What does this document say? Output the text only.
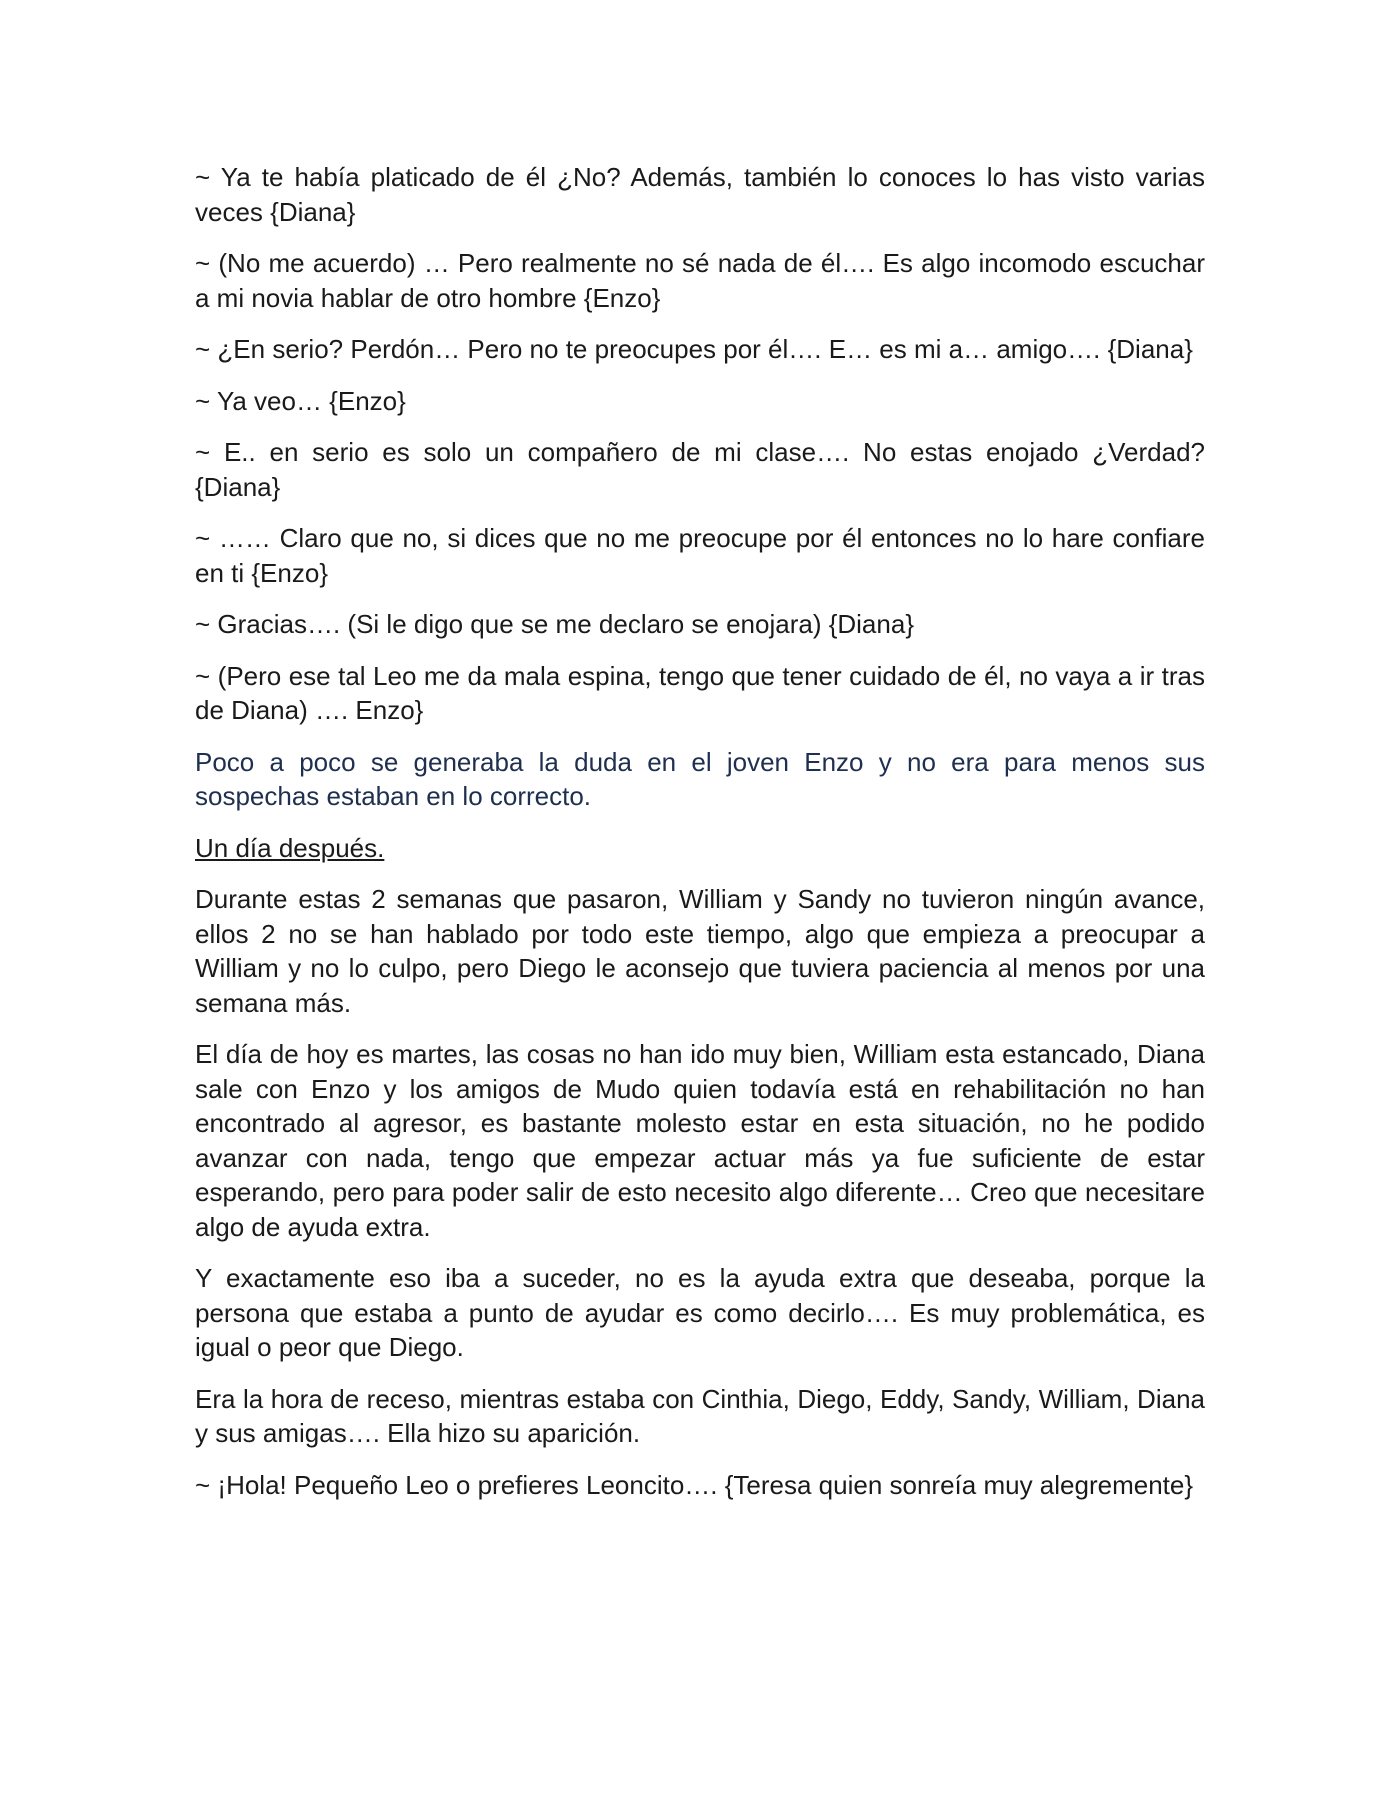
~ Ya te había platicado de él ¿No? Además, también lo conoces lo has visto varias veces {Diana}

~ (No me acuerdo) … Pero realmente no sé nada de él…. Es algo incomodo escuchar a mi novia hablar de otro hombre {Enzo}

~ ¿En serio? Perdón… Pero no te preocupes por él…. E… es mi a… amigo…. {Diana}

~ Ya veo… {Enzo}

~ E.. en serio es solo un compañero de mi clase…. No estas enojado ¿Verdad? {Diana}

~ …… Claro que no, si dices que no me preocupe por él entonces no lo hare confiare en ti {Enzo}

~ Gracias…. (Si le digo que se me declaro se enojara) {Diana}

~ (Pero ese tal Leo me da mala espina, tengo que tener cuidado de él, no vaya a ir tras de Diana) …. Enzo}

Poco a poco se generaba la duda en el joven Enzo y no era para menos sus sospechas estaban en lo correcto.

Un día después.

Durante estas 2 semanas que pasaron, William y Sandy no tuvieron ningún avance, ellos 2 no se han hablado por todo este tiempo, algo que empieza a preocupar a William y no lo culpo, pero Diego le aconsejo que tuviera paciencia al menos por una semana más.

El día de hoy es martes, las cosas no han ido muy bien, William esta estancado, Diana sale con Enzo y los amigos de Mudo quien todavía está en rehabilitación no han encontrado al agresor, es bastante molesto estar en esta situación, no he podido avanzar con nada, tengo que empezar actuar más ya fue suficiente de estar esperando, pero para poder salir de esto necesito algo diferente… Creo que necesitare algo de ayuda extra.

Y exactamente eso iba a suceder, no es la ayuda extra que deseaba, porque la persona que estaba a punto de ayudar es como decirlo…. Es muy problemática, es igual o peor que Diego.

Era la hora de receso, mientras estaba con Cinthia, Diego, Eddy, Sandy, William, Diana y sus amigas…. Ella hizo su aparición.

~ ¡Hola! Pequeño Leo o prefieres Leoncito…. {Teresa quien sonreía muy alegremente}
